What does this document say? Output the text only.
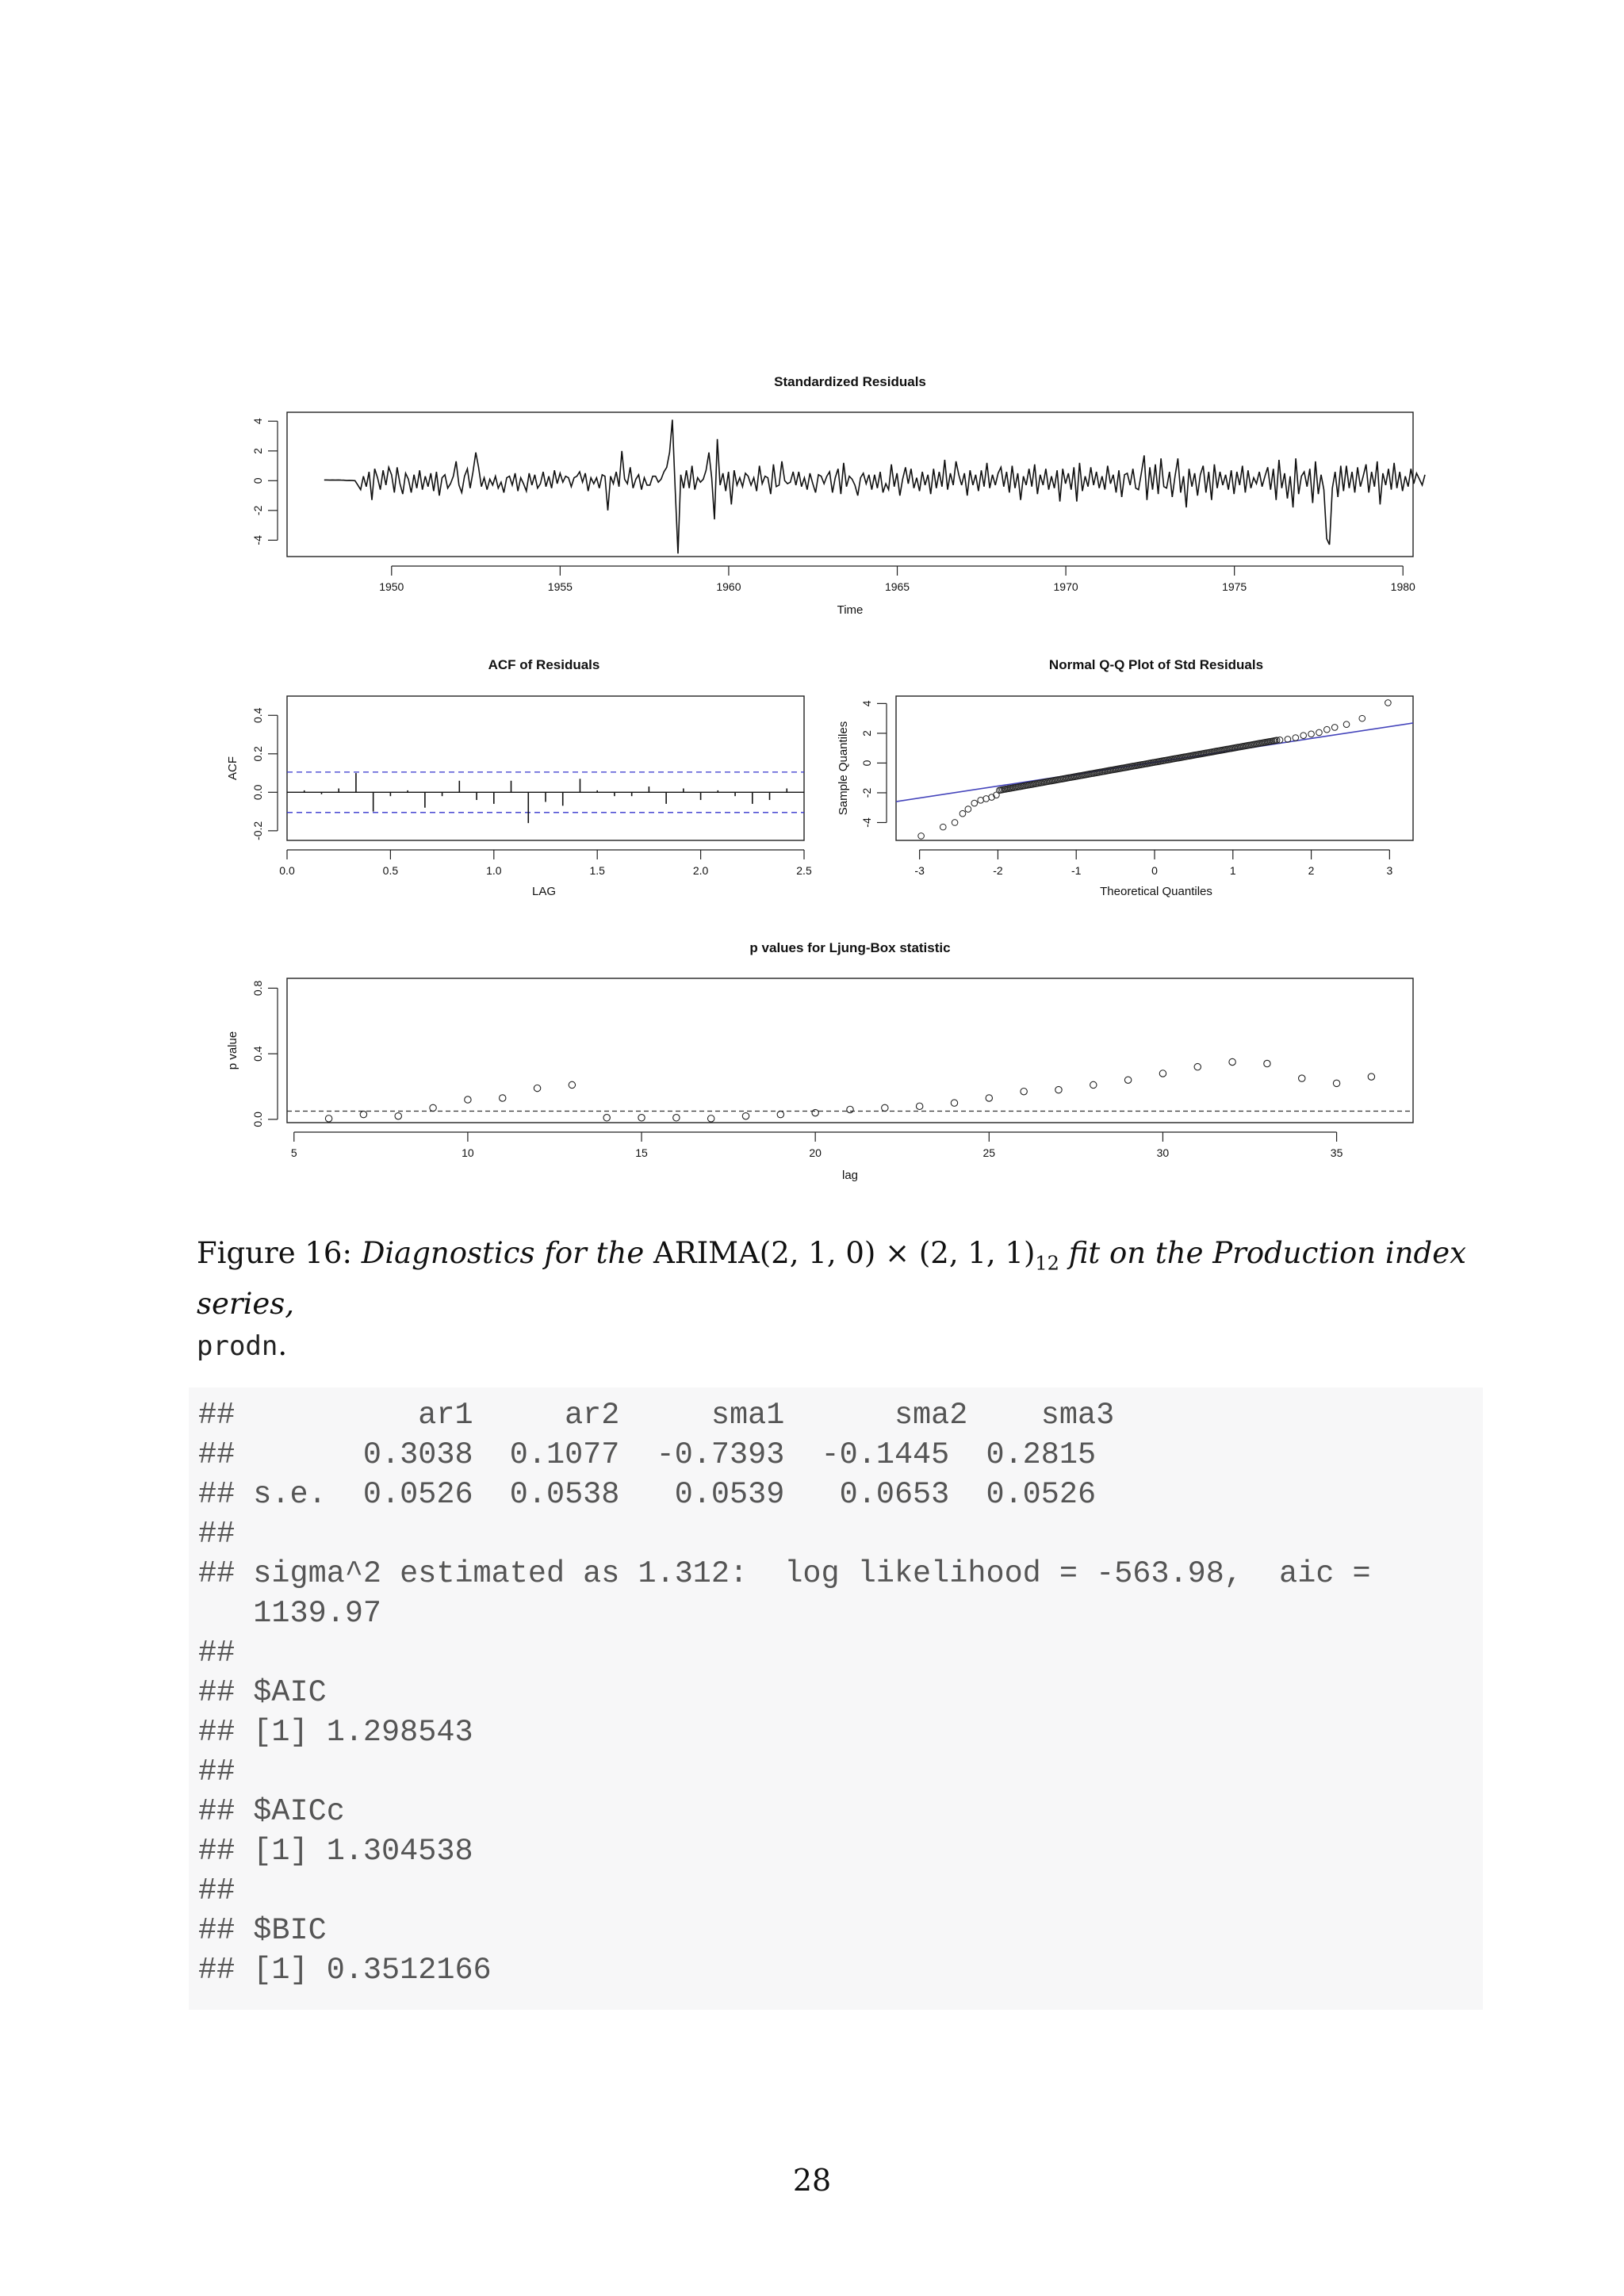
Standardized Residuals
1950	1955	1960	1965	1970	1975	1980
-4
-2
0
2
4
Time
ACF of Residuals
0.0	0.5	1.0	1.5	2.0	2.5
-0.2
0.0
0.2
0.4
LAG
ACF
Normal Q-Q Plot of Std Residuals
-3	-2	-1	0	1	2	3
-4
-2
0
2
4
Theoretical Quantiles
Sample Quantiles
p values for Ljung-Box statistic
5	10	15	20	25	30	35
0.0
0.4
0.8
lag
p value
Figure 16: Diagnostics for the ARIMA(2, 1, 0) × (2, 1, $1)_{12}$ fit on the Production index series,
prodn.
##          ar1     ar2     sma1      sma2    sma3
##       0.3038  0.1077  -0.7393  -0.1445  0.2815
## s.e.  0.0526  0.0538   0.0539   0.0653  0.0526
##
## sigma^2 estimated as 1.312:  log likelihood = -563.98,  aic =
1139.97
##
## $AIC
## [1] 1.298543
##
## $AICc
## [1] 1.304538
##
## $BIC
## [1] 0.3512166
28
